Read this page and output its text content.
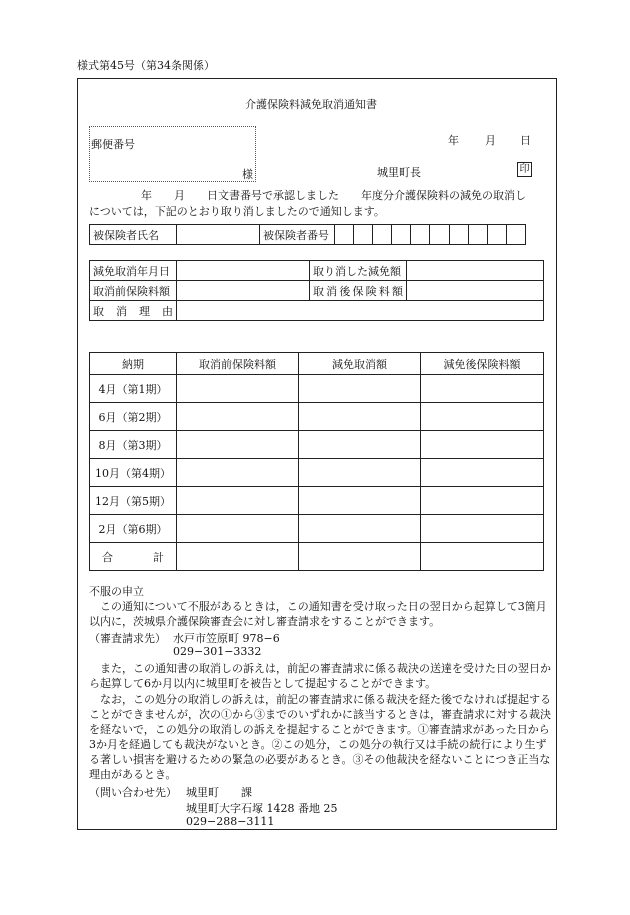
様式第45号（第34条関係）
介護保険料減免取消通知書
郵便番号
様
年 月 日
城里町長	印
年　　月　　日文書番号で承認しました　　年度分介護保険料の減免の取消し
については，下記のとおり取り消しましたので通知します。
被保険者氏名		被保険者番号										
減免取消年月日		取り消した減免額	
取消前保険料額		取消後保険料額	
取消理由			
納期	取消前保険料額	減免取消額	減免後保険料額
4月（第1期）			
6月（第2期）			
8月（第3期）			
10月（第4期）			
12月（第5期）			
2月（第6期）			
合計			
不服の申立
この通知について不服があるときは，この通知書を受け取った日の翌日から起算して3箇月以内に，茨城県介護保険審査会に対し審査請求をすることができます。
（審査請求先） 水戸市笠原町 978−6
029−301−3332
また，この通知書の取消しの訴えは，前記の審査請求に係る裁決の送達を受けた日の翌日から起算して6か月以内に城里町を被告として提起することができます。
なお，この処分の取消しの訴えは，前記の審査請求に係る裁決を経た後でなければ提起することができませんが，次の①から③までのいずれかに該当するときは，審査請求に対する裁決を経ないで，この処分の取消しの訴えを提起することができます。①審査請求があった日から3か月を経過しても裁決がないとき。②この処分，この処分の執行又は手続の続行により生ずる著しい損害を避けるための緊急の必要があるとき。③その他裁決を経ないことにつき正当な理由があるとき。
（問い合わせ先） 城里町　　課
城里町大字石塚 1428 番地 25
029−288−3111
